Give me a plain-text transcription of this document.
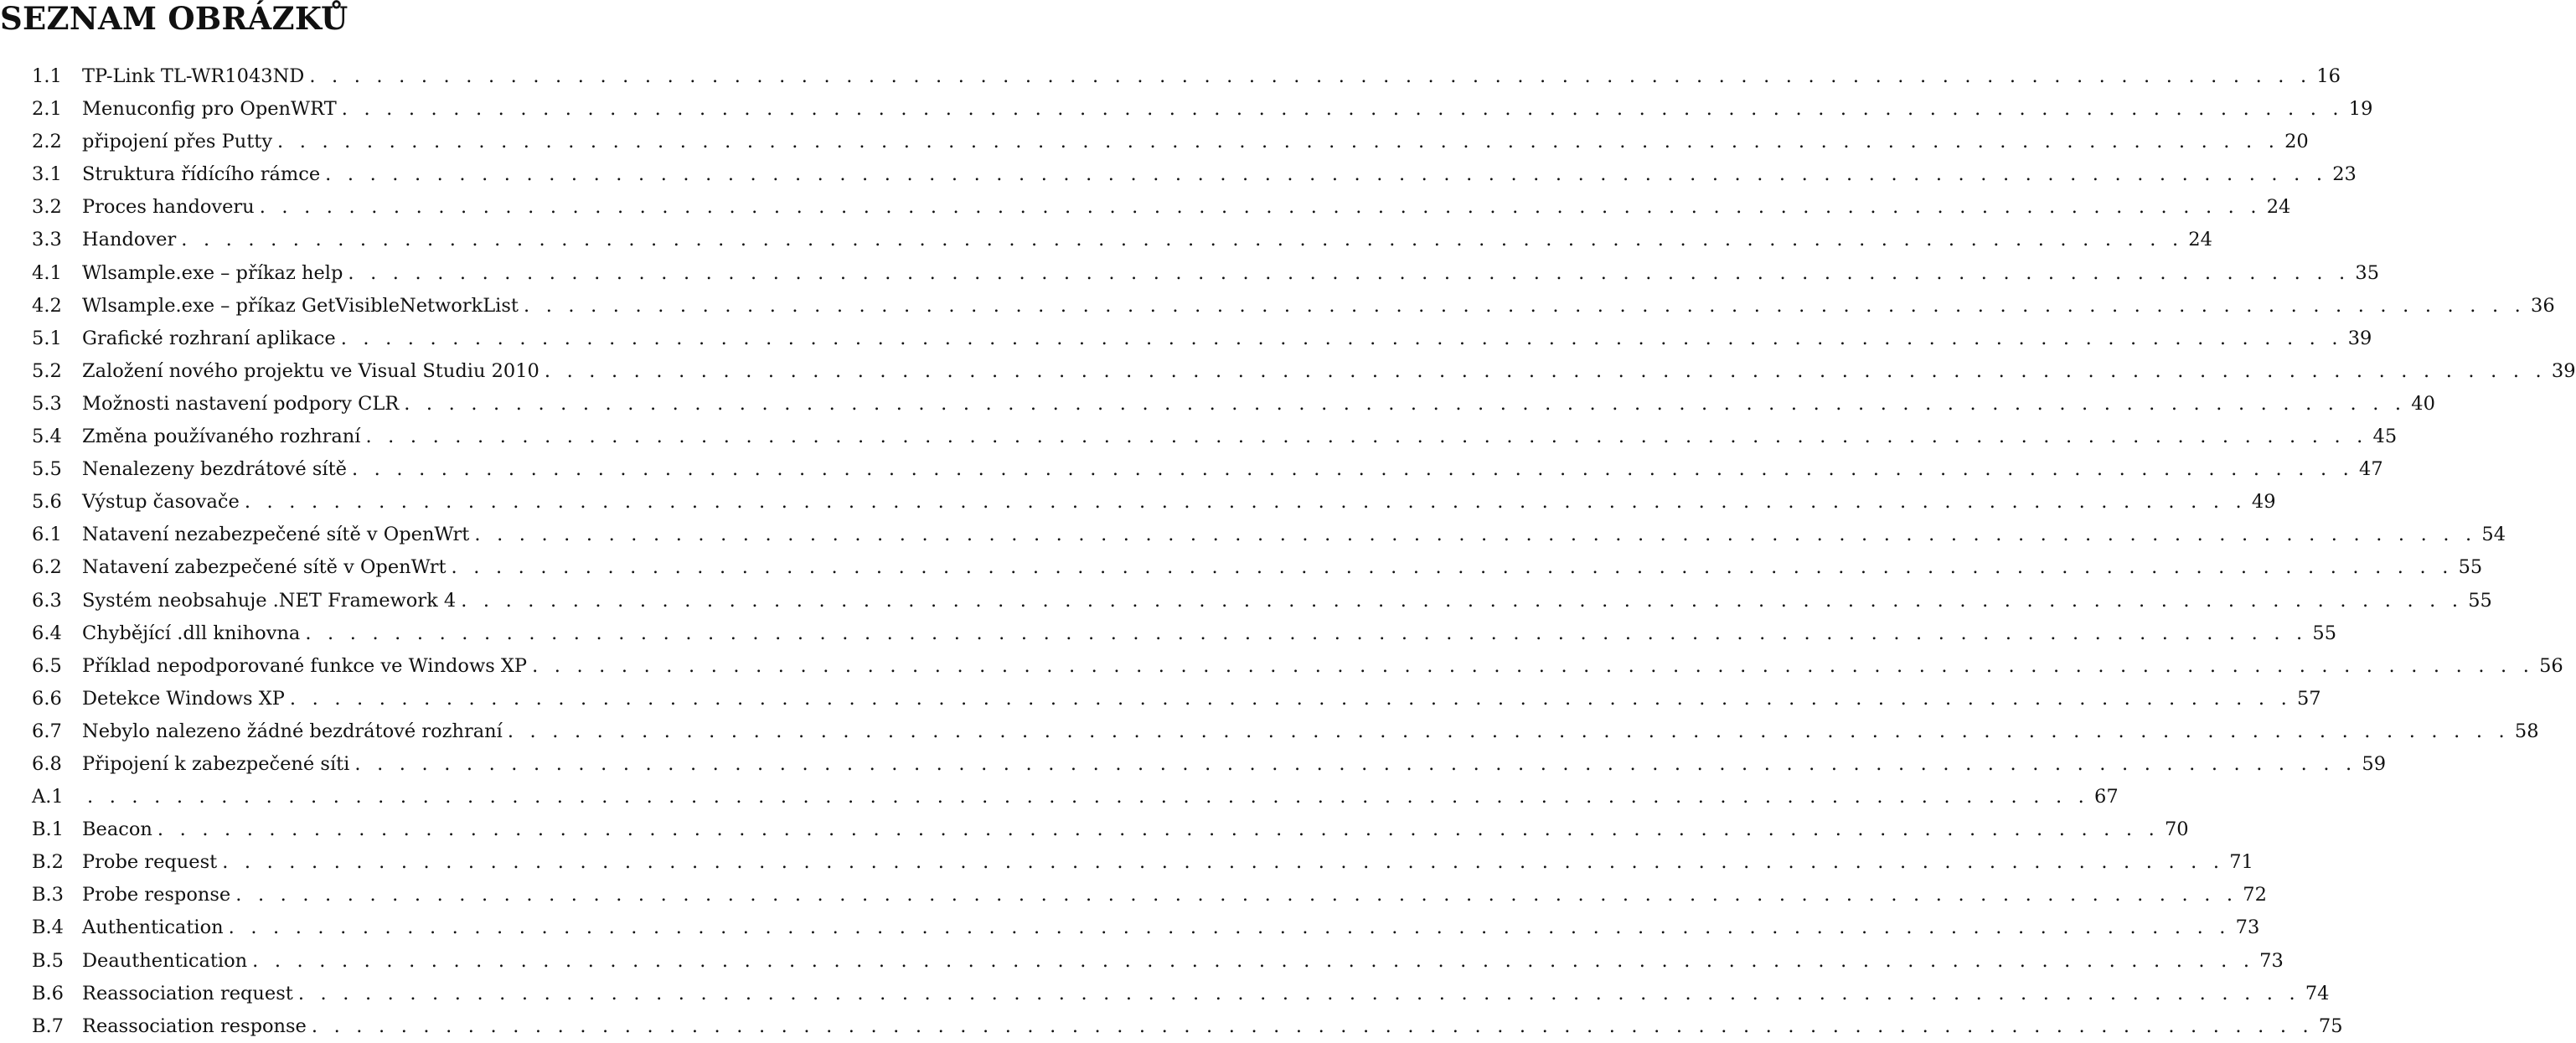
SEZNAM OBRÁZKŮ
1.1	TP-Link TL-WR1043ND . . . . . . . . . . . . . . . . . . . . . . . . . . . . . . . . . . . . . . . . . . . . . . . . . . . . . . . . . . . . . . . . . . . . . . . . . . . . . . . . . . . . . . . . . . 16
2.1	Menuconfig pro OpenWRT . . . . . . . . . . . . . . . . . . . . . . . . . . . . . . . . . . . . . . . . . . . . . . . . . . . . . . . . . . . . . . . . . . . . . . . . . . . . . . . . . . . . . . . . . . 19
2.2	připojení přes Putty . . . . . . . . . . . . . . . . . . . . . . . . . . . . . . . . . . . . . . . . . . . . . . . . . . . . . . . . . . . . . . . . . . . . . . . . . . . . . . . . . . . . . . . . . . 20
3.1	Struktura řídícího rámce . . . . . . . . . . . . . . . . . . . . . . . . . . . . . . . . . . . . . . . . . . . . . . . . . . . . . . . . . . . . . . . . . . . . . . . . . . . . . . . . . . . . . . . . . . 23
3.2	Proces handoveru . . . . . . . . . . . . . . . . . . . . . . . . . . . . . . . . . . . . . . . . . . . . . . . . . . . . . . . . . . . . . . . . . . . . . . . . . . . . . . . . . . . . . . . . . . 24
3.3	Handover . . . . . . . . . . . . . . . . . . . . . . . . . . . . . . . . . . . . . . . . . . . . . . . . . . . . . . . . . . . . . . . . . . . . . . . . . . . . . . . . . . . . . . . . . . 24
4.1	Wlsample.exe – příkaz help . . . . . . . . . . . . . . . . . . . . . . . . . . . . . . . . . . . . . . . . . . . . . . . . . . . . . . . . . . . . . . . . . . . . . . . . . . . . . . . . . . . . . . . . . . 35
4.2	Wlsample.exe – příkaz GetVisibleNetworkList . . . . . . . . . . . . . . . . . . . . . . . . . . . . . . . . . . . . . . . . . . . . . . . . . . . . . . . . . . . . . . . . . . . . . . . . . . . . . . . . . . . . . . . . . . 36
5.1	Grafické rozhraní aplikace . . . . . . . . . . . . . . . . . . . . . . . . . . . . . . . . . . . . . . . . . . . . . . . . . . . . . . . . . . . . . . . . . . . . . . . . . . . . . . . . . . . . . . . . . . 39
5.2	Založení nového projektu ve Visual Studiu 2010 . . . . . . . . . . . . . . . . . . . . . . . . . . . . . . . . . . . . . . . . . . . . . . . . . . . . . . . . . . . . . . . . . . . . . . . . . . . . . . . . . . . . . . . . . . 39
5.3	Možnosti nastavení podpory CLR . . . . . . . . . . . . . . . . . . . . . . . . . . . . . . . . . . . . . . . . . . . . . . . . . . . . . . . . . . . . . . . . . . . . . . . . . . . . . . . . . . . . . . . . . . 40
5.4	Změna používaného rozhraní . . . . . . . . . . . . . . . . . . . . . . . . . . . . . . . . . . . . . . . . . . . . . . . . . . . . . . . . . . . . . . . . . . . . . . . . . . . . . . . . . . . . . . . . . . 45
5.5	Nenalezeny bezdrátové sítě . . . . . . . . . . . . . . . . . . . . . . . . . . . . . . . . . . . . . . . . . . . . . . . . . . . . . . . . . . . . . . . . . . . . . . . . . . . . . . . . . . . . . . . . . . 47
5.6	Výstup časovače . . . . . . . . . . . . . . . . . . . . . . . . . . . . . . . . . . . . . . . . . . . . . . . . . . . . . . . . . . . . . . . . . . . . . . . . . . . . . . . . . . . . . . . . . . 49
6.1	Natavení nezabezpečené sítě v OpenWrt . . . . . . . . . . . . . . . . . . . . . . . . . . . . . . . . . . . . . . . . . . . . . . . . . . . . . . . . . . . . . . . . . . . . . . . . . . . . . . . . . . . . . . . . . . 54
6.2	Natavení zabezpečené sítě v OpenWrt . . . . . . . . . . . . . . . . . . . . . . . . . . . . . . . . . . . . . . . . . . . . . . . . . . . . . . . . . . . . . . . . . . . . . . . . . . . . . . . . . . . . . . . . . . 55
6.3	Systém neobsahuje .NET Framework 4 . . . . . . . . . . . . . . . . . . . . . . . . . . . . . . . . . . . . . . . . . . . . . . . . . . . . . . . . . . . . . . . . . . . . . . . . . . . . . . . . . . . . . . . . . . 55
6.4	Chybějící .dll knihovna . . . . . . . . . . . . . . . . . . . . . . . . . . . . . . . . . . . . . . . . . . . . . . . . . . . . . . . . . . . . . . . . . . . . . . . . . . . . . . . . . . . . . . . . . . 55
6.5	Příklad nepodporované funkce ve Windows XP . . . . . . . . . . . . . . . . . . . . . . . . . . . . . . . . . . . . . . . . . . . . . . . . . . . . . . . . . . . . . . . . . . . . . . . . . . . . . . . . . . . . . . . . . . 56
6.6	Detekce Windows XP . . . . . . . . . . . . . . . . . . . . . . . . . . . . . . . . . . . . . . . . . . . . . . . . . . . . . . . . . . . . . . . . . . . . . . . . . . . . . . . . . . . . . . . . . . 57
6.7	Nebylo nalezeno žádné bezdrátové rozhraní . . . . . . . . . . . . . . . . . . . . . . . . . . . . . . . . . . . . . . . . . . . . . . . . . . . . . . . . . . . . . . . . . . . . . . . . . . . . . . . . . . . . . . . . . . 58
6.8	Připojení k zabezpečené síti . . . . . . . . . . . . . . . . . . . . . . . . . . . . . . . . . . . . . . . . . . . . . . . . . . . . . . . . . . . . . . . . . . . . . . . . . . . . . . . . . . . . . . . . . . 59
A.1	. . . . . . . . . . . . . . . . . . . . . . . . . . . . . . . . . . . . . . . . . . . . . . . . . . . . . . . . . . . . . . . . . . . . . . . . . . . . . . . . . . . . . . . . . . 67
B.1 Beacon . . . . . . . . . . . . . . . . . . . . . . . . . . . . . . . . . . . . . . . . . . . . . . . . . . . . . . . . . . . . . . . . . . . . . . . . . . . . . . . . . . . . . . . . . . 70
B.2 Probe request . . . . . . . . . . . . . . . . . . . . . . . . . . . . . . . . . . . . . . . . . . . . . . . . . . . . . . . . . . . . . . . . . . . . . . . . . . . . . . . . . . . . . . . . . . 71
B.3 Probe response . . . . . . . . . . . . . . . . . . . . . . . . . . . . . . . . . . . . . . . . . . . . . . . . . . . . . . . . . . . . . . . . . . . . . . . . . . . . . . . . . . . . . . . . . . 72
B.4 Authentication . . . . . . . . . . . . . . . . . . . . . . . . . . . . . . . . . . . . . . . . . . . . . . . . . . . . . . . . . . . . . . . . . . . . . . . . . . . . . . . . . . . . . . . . . . 73
B.5 Deauthentication . . . . . . . . . . . . . . . . . . . . . . . . . . . . . . . . . . . . . . . . . . . . . . . . . . . . . . . . . . . . . . . . . . . . . . . . . . . . . . . . . . . . . . . . . . 73
B.6 Reassociation request . . . . . . . . . . . . . . . . . . . . . . . . . . . . . . . . . . . . . . . . . . . . . . . . . . . . . . . . . . . . . . . . . . . . . . . . . . . . . . . . . . . . . . . . . . 74
B.7 Reassociation response . . . . . . . . . . . . . . . . . . . . . . . . . . . . . . . . . . . . . . . . . . . . . . . . . . . . . . . . . . . . . . . . . . . . . . . . . . . . . . . . . . . . . . . . . . 75
